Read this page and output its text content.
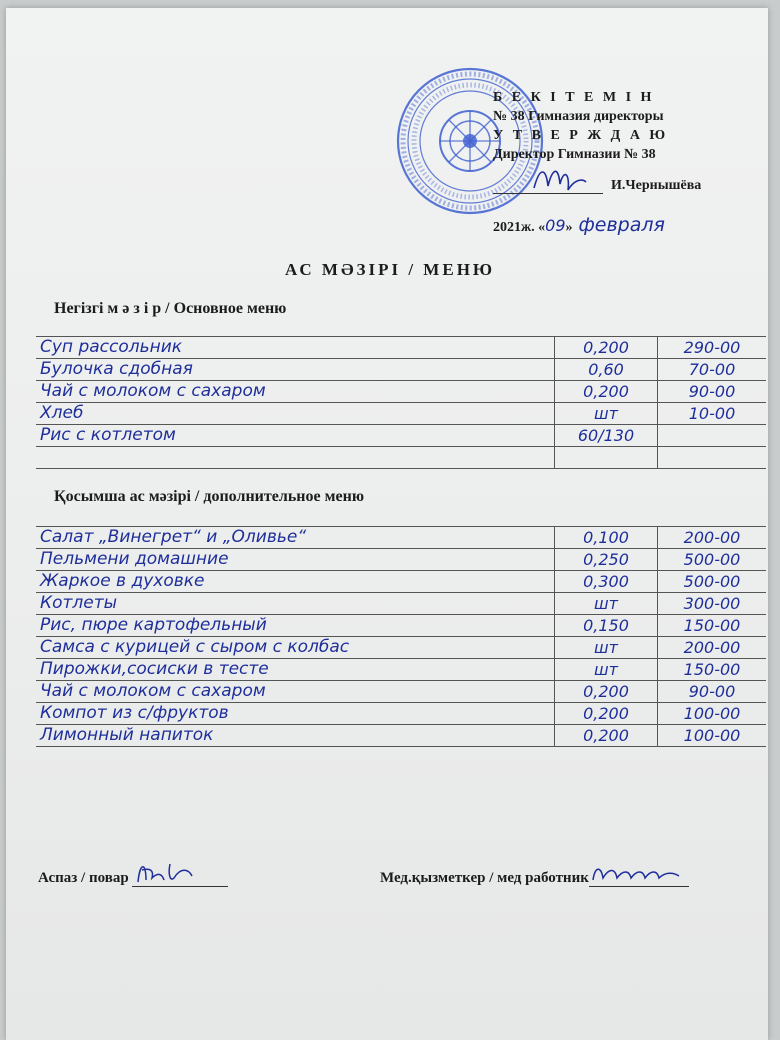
Б Е К І Т Е М І Н
№ 38 Гимназия директоры
У Т В Е Р Ж Д А Ю
Директор Гимназии № 38
И.Чернышёва
2021ж. «09» февраля
АС МӘЗІРІ / МЕНЮ
Негізгі м ә з і р / Основное меню
Суп рассольник	0,200	290-00
Булочка сдобная	0,60	70-00
Чай с молоком с сахаром	0,200	90-00
Хлеб	шт	10-00
Рис с котлетом	60/130	

Қосымша ас мәзірі / дополнительное меню
Салат „Винегрет“ и „Оливье“	0,100	200-00
Пельмени домашние	0,250	500-00
Жаркое в духовке	0,300	500-00
Котлеты	шт	300-00
Рис, пюре картофельный	0,150	150-00
Самса с курицей с сыром с колбас	шт	200-00
Пирожки,сосиски в тесте	шт	150-00
Чай с молоком с сахаром	0,200	90-00
Компот из с/фруктов	0,200	100-00
Лимонный напиток	0,200	100-00
Аспаз / повар	Мед.қызметкер / мед работник
